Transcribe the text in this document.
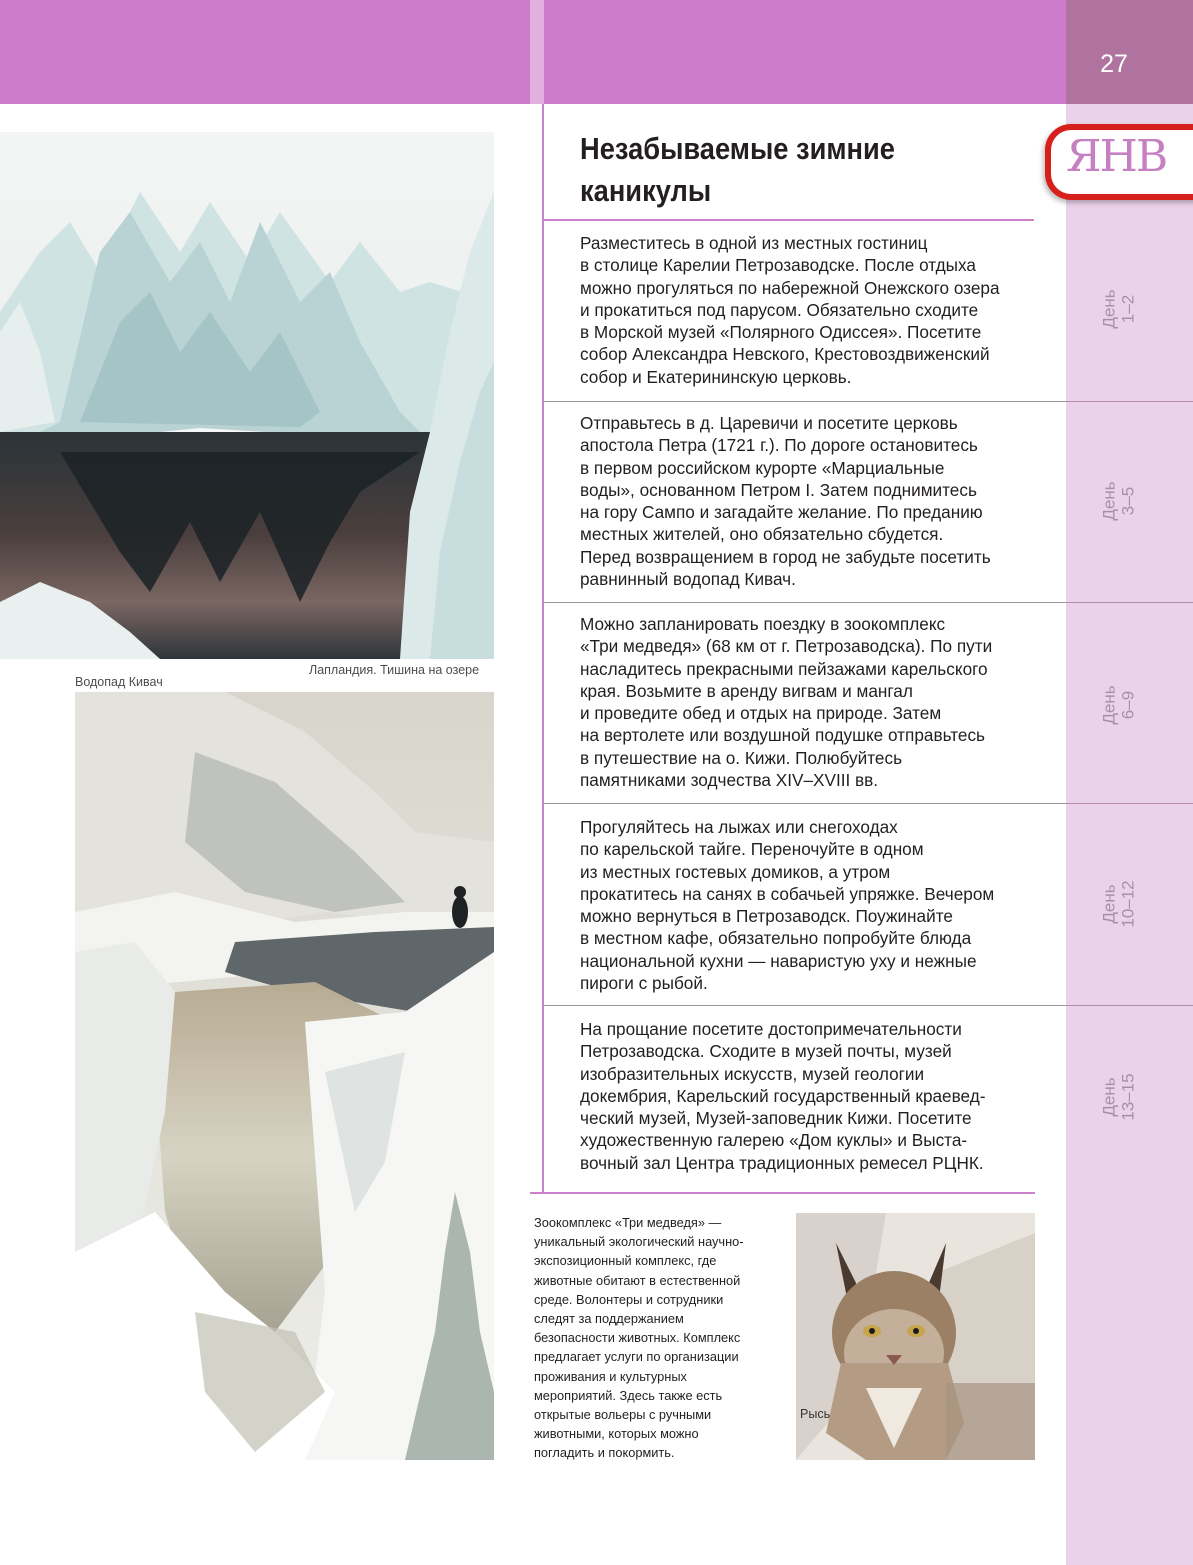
27
ЯНВ
Незабываемые зимние
каникулы

Разместитесь в одной из местных гостиниц
в столице Карелии Петрозаводске. После отдыха
можно прогуляться по набережной Онежского озера
и прокатиться под парусом. Обязательно сходите
в Морской музей «Полярного Одиссея». Посетите
собор Александра Невского, Крестовоздвиженский
собор и Екатерининскую церковь.

День
1–2

Отправьтесь в д. Царевичи и посетите церковь
апостола Петра (1721 г.). По дороге остановитесь
в первом российском курорте «Марциальные
воды», основанном Петром I. Затем поднимитесь
на гору Сампо и загадайте желание. По преданию
местных жителей, оно обязательно сбудется.
Перед возвращением в город не забудьте посетить
равнинный водопад Кивач.

День
3–5

Можно запланировать поездку в зоокомплекс
«Три медведя» (68 км от г. Петрозаводска). По пути
насладитесь прекрасными пейзажами карельского
края. Возьмите в аренду вигвам и мангал
и проведите обед и отдых на природе. Затем
на вертолете или воздушной подушке отправьтесь
в путешествие на о. Кижи. Полюбуйтесь
памятниками зодчества XIV–XVIII вв.

День
6–9

Прогуляйтесь на лыжах или снегоходах
по карельской тайге. Переночуйте в одном
из местных гостевых домиков, а утром
прокатитесь на санях в собачьей упряжке. Вечером
можно вернуться в Петрозаводск. Поужинайте
в местном кафе, обязательно попробуйте блюда
национальной кухни — наваристую уху и нежные
пироги с рыбой.

День
10–12

На прощание посетите достопримечательности
Петрозаводска. Сходите в музей почты, музей
изобразительных искусств, музей геологии
докембрия, Карельский государственный краевед-
ческий музей, Музей-заповедник Кижи. Посетите
художественную галерею «Дом куклы» и Выста-
вочный зал Центра традиционных ремесел РЦНК.

День
13–15
Лапландия. Тишина на озере
Водопад Кивач

Зоокомплекс «Три медведя» —
уникальный экологический научно-
экспозиционный комплекс, где
животные обитают в естественной
среде. Волонтеры и сотрудники
следят за поддержанием
безопасности животных. Комплекс
предлагает услуги по организации
проживания и культурных
мероприятий. Здесь также есть
открытые вольеры с ручными
животными, которых можно
погладить и покормить.

Рысь
